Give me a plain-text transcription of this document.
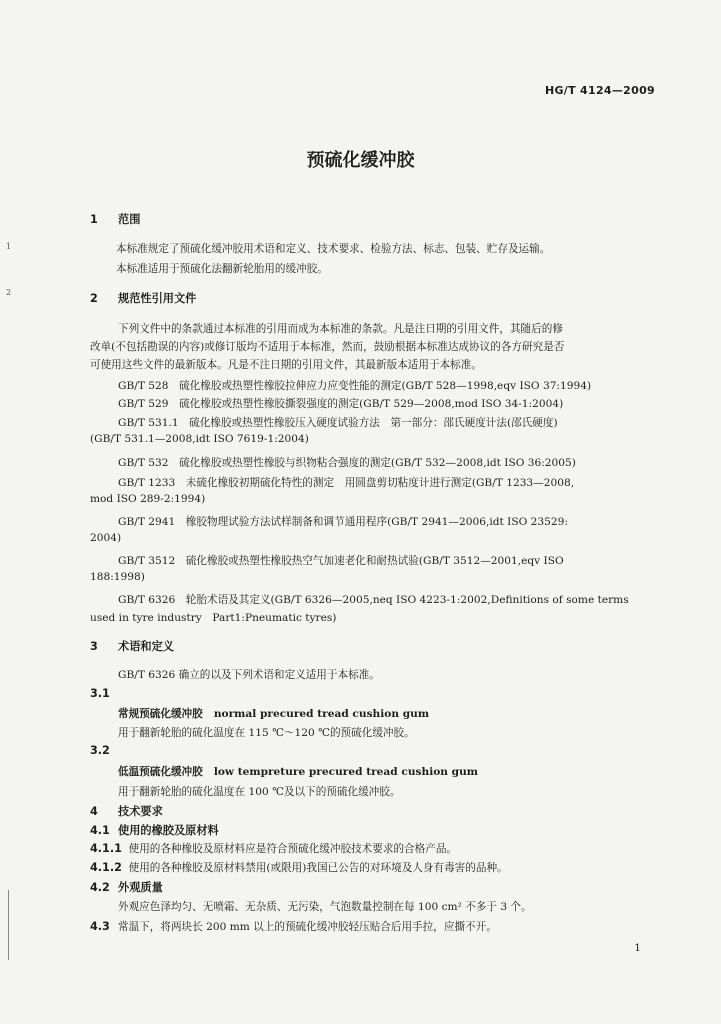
1
2
HG/T 4124—2009
预硫化缓冲胶
1 范围
本标准规定了预硫化缓冲胶用术语和定义、技术要求、检验方法、标志、包装、贮存及运输。
本标准适用于预硫化法翻新轮胎用的缓冲胶。
2 规范性引用文件
下列文件中的条款通过本标准的引用而成为本标准的条款。凡是注日期的引用文件，其随后的修
改单(不包括勘误的内容)或修订版均不适用于本标准，然而，鼓励根据本标准达成协议的各方研究是否
可使用这些文件的最新版本。凡是不注日期的引用文件，其最新版本适用于本标准。
GB/T 528　硫化橡胶或热塑性橡胶拉伸应力应变性能的测定(GB/T 528—1998,eqv ISO 37:1994)
GB/T 529　硫化橡胶或热塑性橡胶撕裂强度的测定(GB/T 529—2008,mod ISO 34-1:2004)
GB/T 531.1　硫化橡胶或热塑性橡胶压入硬度试验方法　第一部分：邵氏硬度计法(邵氏硬度)
(GB/T 531.1—2008,idt ISO 7619-1:2004)
GB/T 532　硫化橡胶或热塑性橡胶与织物粘合强度的测定(GB/T 532—2008,idt ISO 36:2005)
GB/T 1233　未硫化橡胶初期硫化特性的测定　用圆盘剪切粘度计进行测定(GB/T 1233—2008,
mod ISO 289-2:1994)
GB/T 2941　橡胶物理试验方法试样制备和调节通用程序(GB/T 2941—2006,idt ISO 23529:
2004)
GB/T 3512　硫化橡胶或热塑性橡胶热空气加速老化和耐热试验(GB/T 3512—2001,eqv ISO
188:1998)
GB/T 6326　轮胎术语及其定义(GB/T 6326—2005,neq ISO 4223-1:2002,Definitions of some terms
used in tyre industry　Part1:Pneumatic tyres)
3 术语和定义
GB/T 6326 确立的以及下列术语和定义适用于本标准。
3.1
常规预硫化缓冲胶 normal precured tread cushion gum
用于翻新轮胎的硫化温度在 115 ℃～120 ℃的预硫化缓冲胶。
3.2
低温预硫化缓冲胶 low tempreture precured tread cushion gum
用于翻新轮胎的硫化温度在 100 ℃及以下的预硫化缓冲胶。
4 技术要求
4.1 使用的橡胶及原材料
4.1.1 使用的各种橡胶及原材料应是符合预硫化缓冲胶技术要求的合格产品。
4.1.2 使用的各种橡胶及原材料禁用(或限用)我国已公告的对环境及人身有毒害的品种。
4.2 外观质量
外观应色泽均匀、无喷霜、无杂质、无污染，气泡数量控制在每 100 cm² 不多于 3 个。
4.3 常温下，将两块长 200 mm 以上的预硫化缓冲胶轻压贴合后用手拉，应撕不开。
1
